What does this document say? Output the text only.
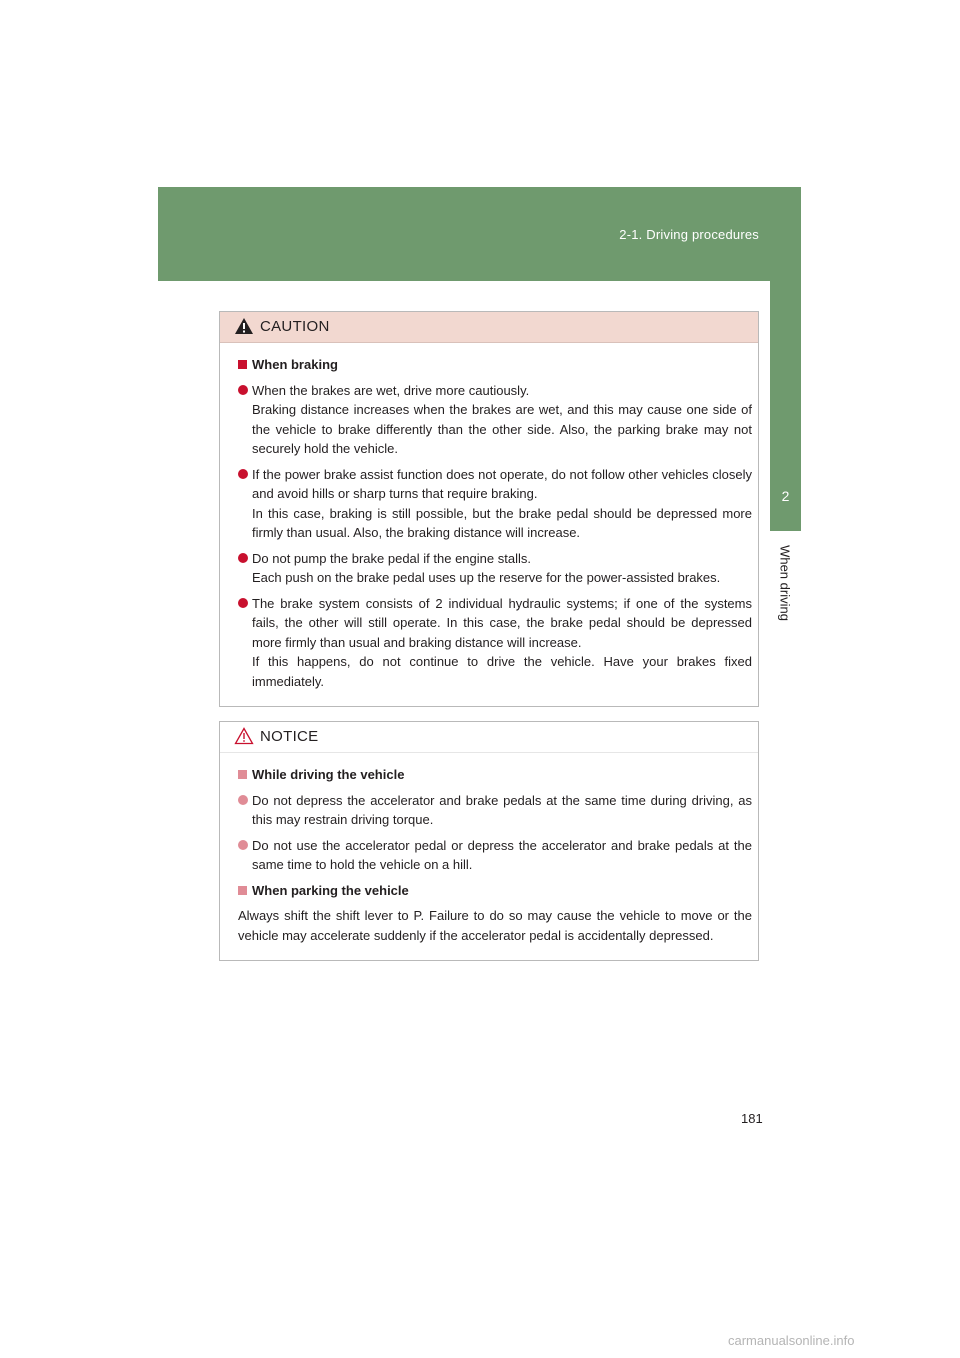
2-1. Driving procedures
2
When driving
CAUTION
When braking

When the brakes are wet, drive more cautiously.

Braking distance increases when the brakes are wet, and this may cause one side of the vehicle to brake differently than the other side. Also, the parking brake may not securely hold the vehicle.

If the power brake assist function does not operate, do not follow other vehicles closely and avoid hills or sharp turns that require braking.

In this case, braking is still possible, but the brake pedal should be depressed more firmly than usual. Also, the braking distance will increase.

Do not pump the brake pedal if the engine stalls.

Each push on the brake pedal uses up the reserve for the power-assisted brakes.

The brake system consists of 2 individual hydraulic systems; if one of the systems fails, the other will still operate. In this case, the brake pedal should be depressed more firmly than usual and braking distance will increase.

If this happens, do not continue to drive the vehicle. Have your brakes fixed immediately.

NOTICE
While driving the vehicle

Do not depress the accelerator and brake pedals at the same time during driving, as this may restrain driving torque.

Do not use the accelerator pedal or depress the accelerator and brake pedals at the same time to hold the vehicle on a hill.

When parking the vehicle

Always shift the shift lever to P. Failure to do so may cause the vehicle to move or the vehicle may accelerate suddenly if the accelerator pedal is accidentally depressed.

181
carmanualsonline.info
